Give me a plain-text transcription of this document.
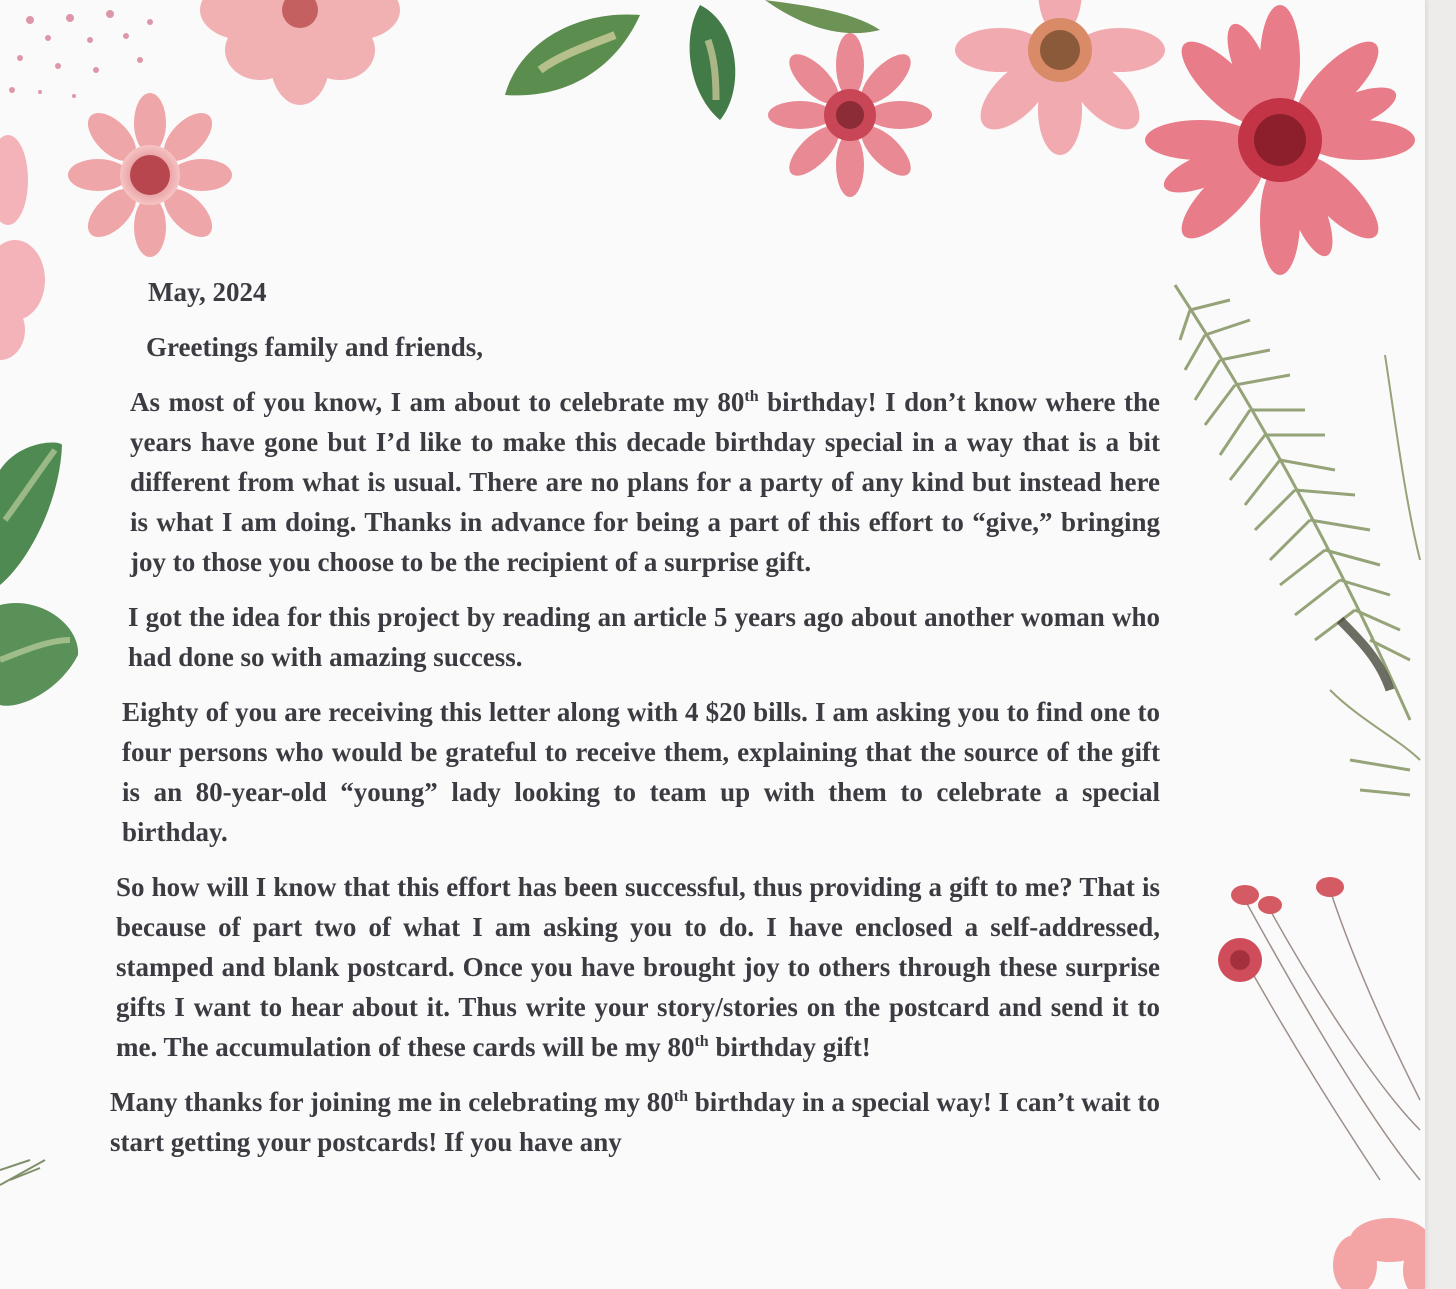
May, 2024

Greetings family and friends,

As most of you know, I am about to celebrate my 80th birthday! I don’t know where the years have gone but I’d like to make this decade birthday special in a way that is a bit different from what is usual. There are no plans for a party of any kind but instead here is what I am doing. Thanks in advance for being a part of this effort to “give,” bringing joy to those you choose to be the recipient of a surprise gift.

I got the idea for this project by reading an article 5 years ago about another woman who had done so with amazing success.

Eighty of you are receiving this letter along with 4 $20 bills. I am asking you to find one to four persons who would be grateful to receive them, explaining that the source of the gift is an 80-year-old “young” lady looking to team up with them to celebrate a special birthday.

So how will I know that this effort has been successful, thus providing a gift to me? That is because of part two of what I am asking you to do. I have enclosed a self-addressed, stamped and blank postcard. Once you have brought joy to others through these surprise gifts I want to hear about it. Thus write your story/stories on the postcard and send it to me. The accumulation of these cards will be my 80th birthday gift!

Many thanks for joining me in celebrating my 80th birthday in a special way! I can’t wait to start getting your postcards! If you have any
